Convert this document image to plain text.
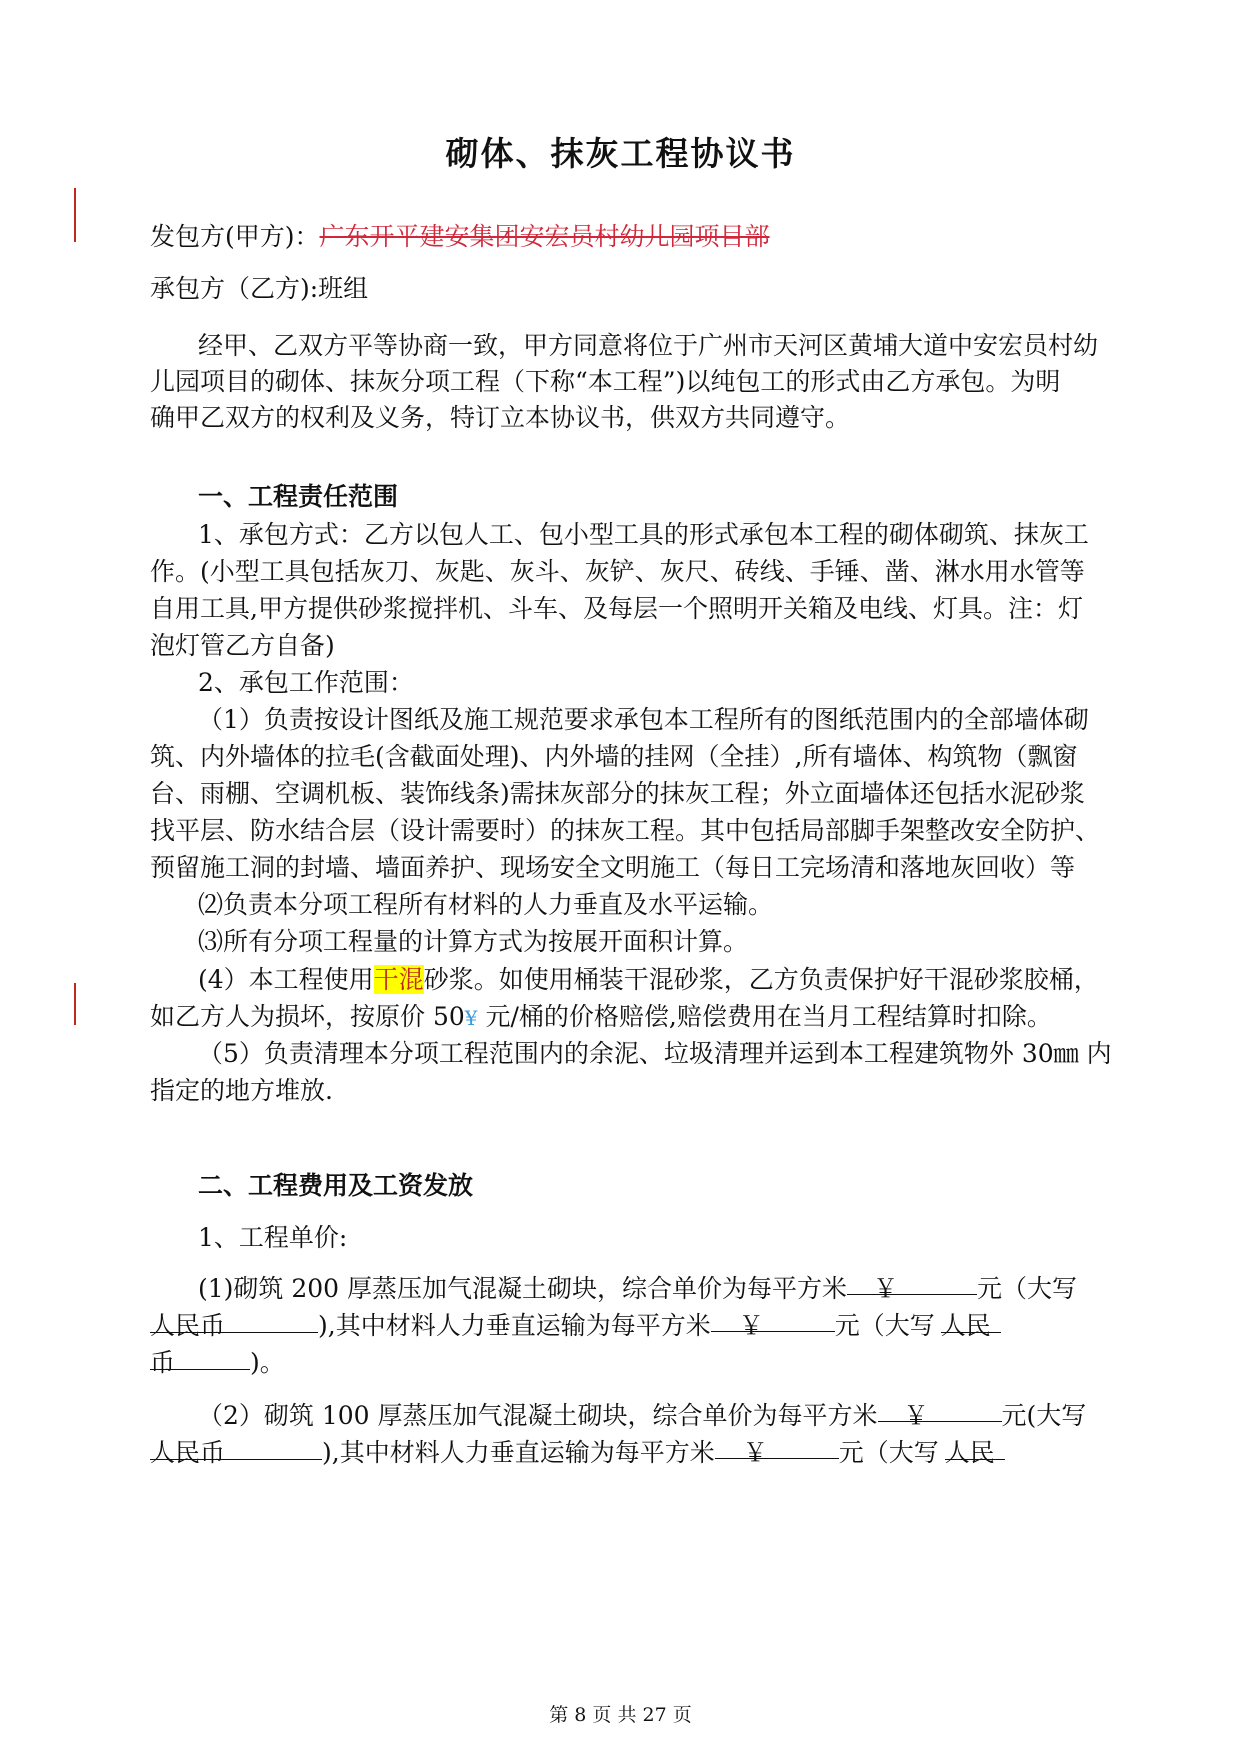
砌体、抹灰工程协议书
发包方(甲方)：广东开平建安集团安宏员村幼儿园项目部
承包方（乙方):班组
经甲、乙双方平等协商一致，甲方同意将位于广州市天河区黄埔大道中安宏员村幼
儿园项目的砌体、抹灰分项工程（下称“本工程”)以纯包工的形式由乙方承包。为明
确甲乙双方的权利及义务，特订立本协议书，供双方共同遵守。
一、工程责任范围
1、承包方式：乙方以包人工、包小型工具的形式承包本工程的砌体砌筑、抹灰工
作。(小型工具包括灰刀、灰匙、灰斗、灰铲、灰尺、砖线、手锤、凿、淋水用水管等
自用工具,甲方提供砂浆搅拌机、斗车、及每层一个照明开关箱及电线、灯具。注：灯
泡灯管乙方自备)
2、承包工作范围：
（1）负责按设计图纸及施工规范要求承包本工程所有的图纸范围内的全部墙体砌
筑、内外墙体的拉毛(含截面处理)、内外墙的挂网（全挂）,所有墙体、构筑物（飘窗
台、雨棚、空调机板、装饰线条)需抹灰部分的抹灰工程；外立面墙体还包括水泥砂浆
找平层、防水结合层（设计需要时）的抹灰工程。其中包括局部脚手架整改安全防护、
预留施工洞的封墙、墙面养护、现场安全文明施工（每日工完场清和落地灰回收）等
⑵负责本分项工程所有材料的人力垂直及水平运输。
⑶所有分项工程量的计算方式为按展开面积计算。
(4）本工程使用干混砂浆。如使用桶装干混砂浆，乙方负责保护好干混砂浆胶桶，
如乙方人为损坏，按原价 50¥ 元/桶的价格赔偿,赔偿费用在当月工程结算时扣除。
（5）负责清理本分项工程范围内的余泥、垃圾清理并运到本工程建筑物外 30㎜ 内
指定的地方堆放.
二、工程费用及工资发放
1、工程单价:
(1)砌筑 200 厚蒸压加气混凝土砌块，综合单价为每平方米 ￥	元（大写
人民币	),其中材料人力垂直运输为每平方米 ￥	元（大写 人民
币	)。
（2）砌筑 100 厚蒸压加气混凝土砌块，综合单价为每平方米 ￥	元(大写
人民币	),其中材料人力垂直运输为每平方米 ￥	元（大写 人民
第 8 页 共 27 页
